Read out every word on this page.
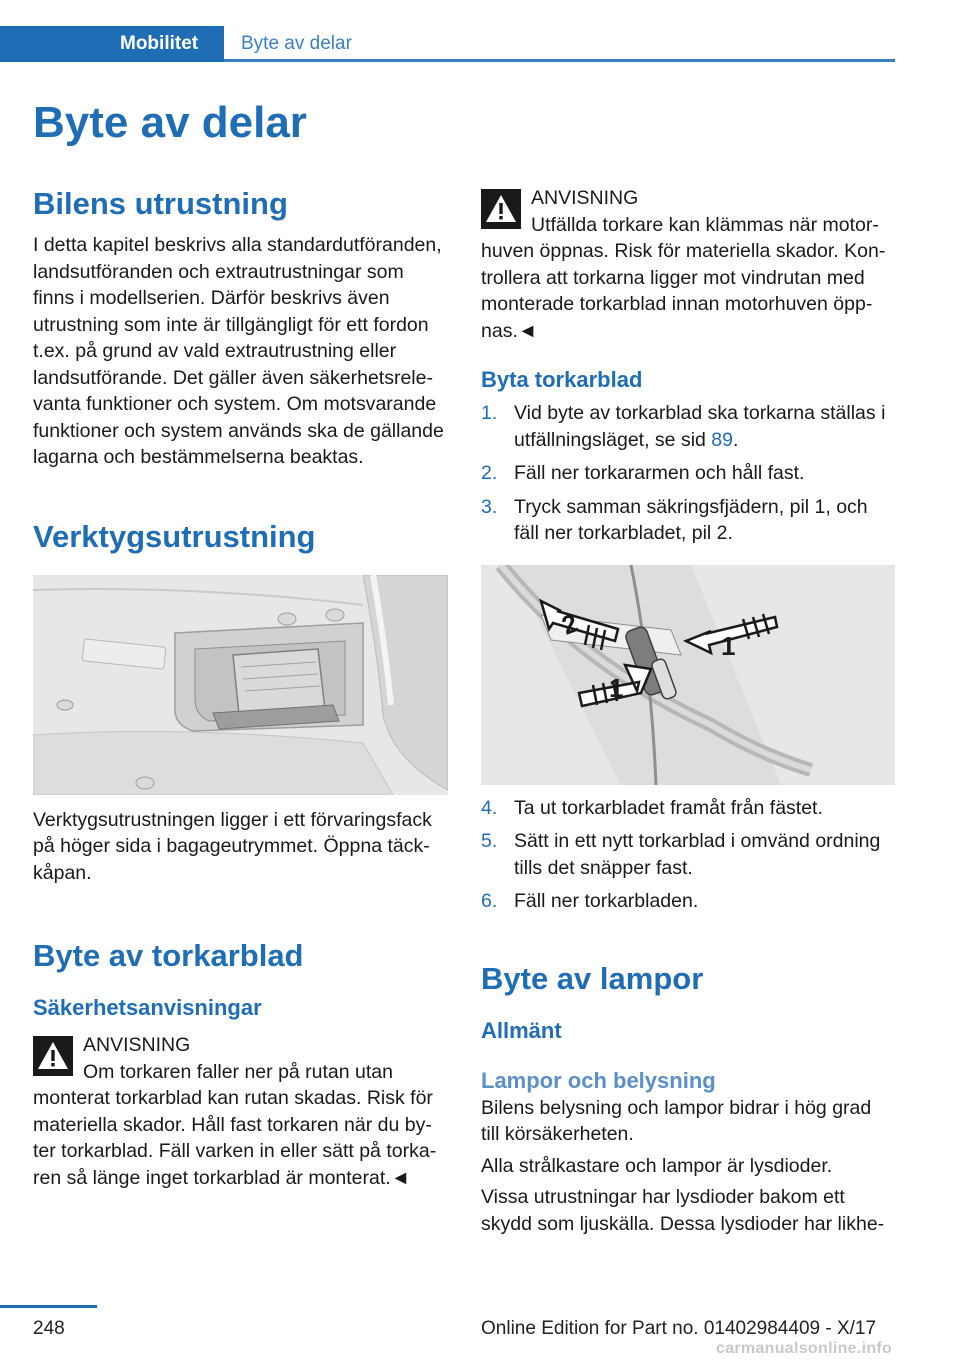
Mobilitet	Byte av delar
Byte av delar
Bilens utrustning

I detta kapitel beskrivs alla standardutföranden, landsutföranden och extrautrustningar som finns i modellserien. Därför beskrivs även utrustning som inte är tillgängligt för ett fordon t.ex. på grund av vald extrautrustning eller landsutförande. Det gäller även säkerhetsrelevanta funktioner och system. Om motsvarande funktioner och system används ska de gällande lagarna och bestämmelserna beaktas.

Verktygsutrustning

Verktygsutrustningen ligger i ett förvaringsfack på höger sida i bagageutrymmet. Öppna täckkåpan.

Byte av torkarblad
Säkerhetsanvisningar
ANVISNING
Om torkaren faller ner på rutan utan monterat torkarblad kan rutan skadas. Risk för materiella skador. Håll fast torkaren när du byter torkarblad. Fäll varken in eller sätt på torkaren så länge inget torkarblad är monterat.◄
ANVISNING
Utfällda torkare kan klämmas när motorhuven öppnas. Risk för materiella skador. Kontrollera att torkarna ligger mot vindrutan med monterade torkarblad innan motorhuven öppnas.◄
Byta torkarblad
1. Vid byte av torkarblad ska torkarna ställas i utfällningsläget, se sid 89.
2. Fäll ner torkararmen och håll fast.
3. Tryck samman säkringsfjädern, pil 1, och fäll ner torkarbladet, pil 2.
2
1
1
4. Ta ut torkarbladet framåt från fästet.
5. Sätt in ett nytt torkarblad i omvänd ordning tills det snäpper fast.
6. Fäll ner torkarbladen.
Byte av lampor
Allmänt
Lampor och belysning

Bilens belysning och lampor bidrar i hög grad till körsäkerheten.

Alla strålkastare och lampor är lysdioder.

Vissa utrustningar har lysdioder bakom ett skydd som ljuskälla. Dessa lysdioder har likhe-

248	Online Edition for Part no. 01402984409 - X/17
carmanualsonline.info
